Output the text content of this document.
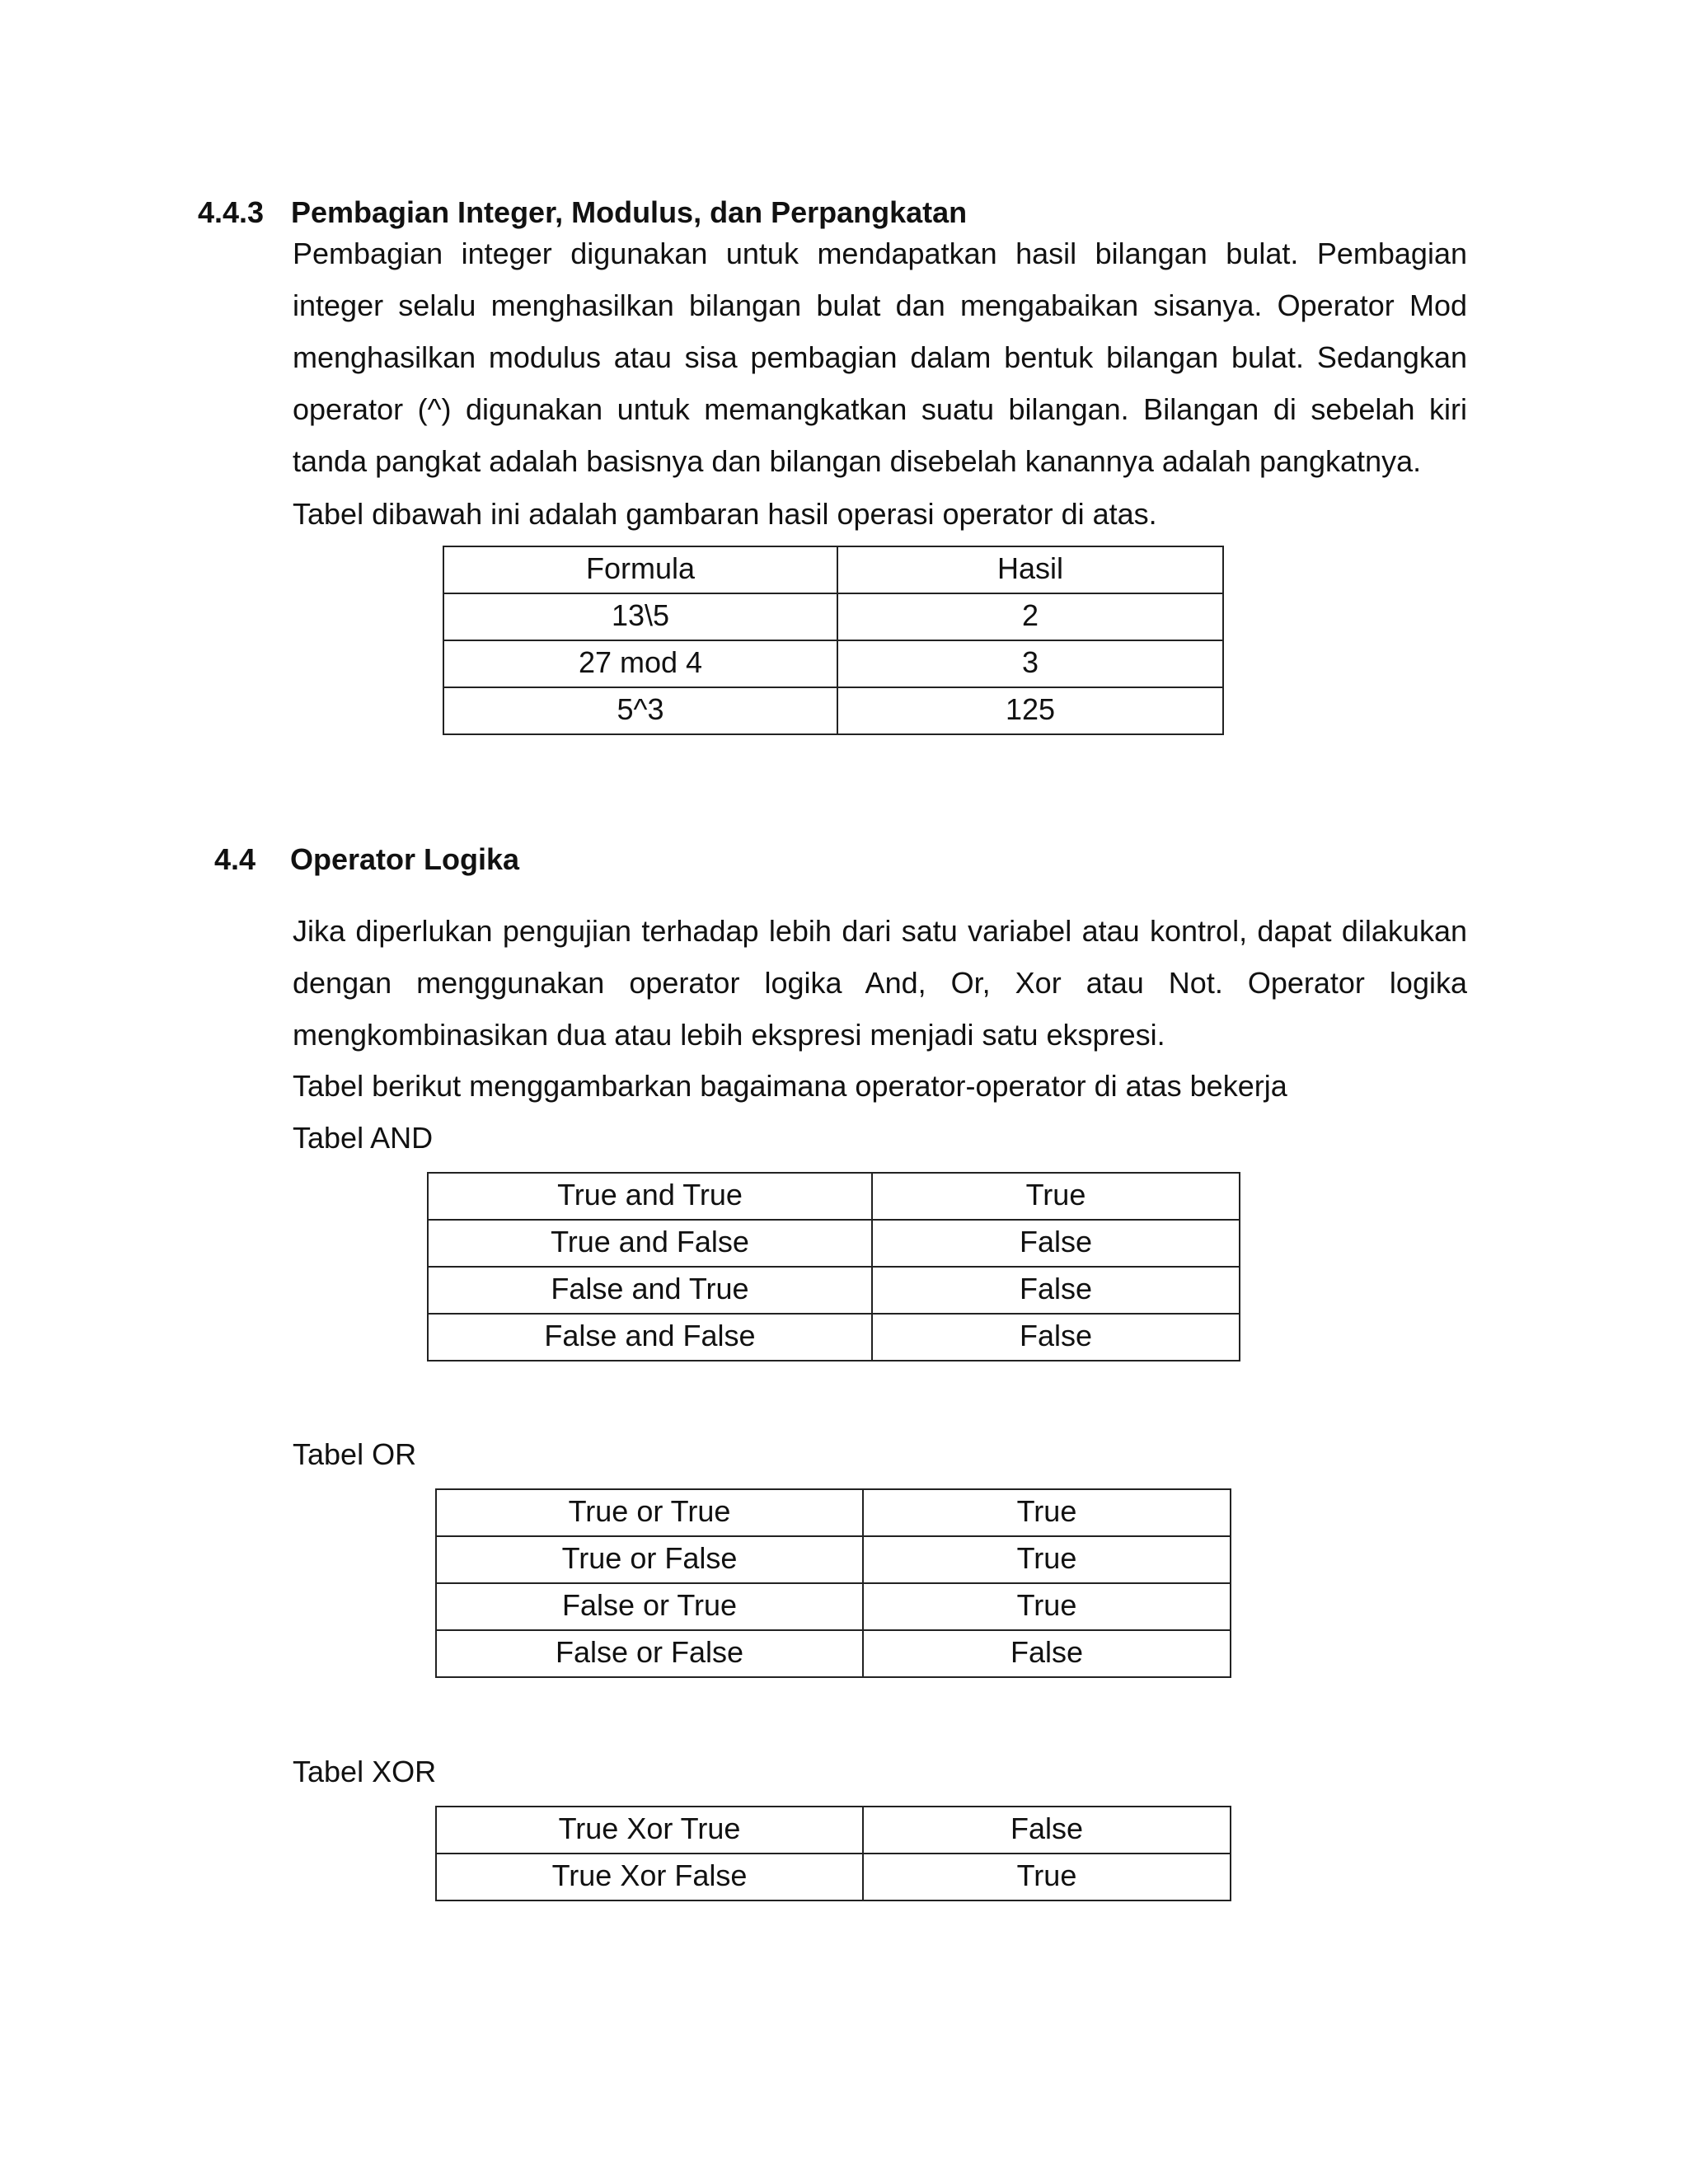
4.4.3 Pembagian Integer, Modulus, dan Perpangkatan
Pembagian integer digunakan untuk mendapatkan hasil bilangan bulat. Pembagian
integer selalu menghasilkan bilangan bulat dan mengabaikan sisanya. Operator Mod
menghasilkan modulus atau sisa pembagian dalam bentuk bilangan bulat. Sedangkan
operator (^) digunakan untuk memangkatkan suatu bilangan. Bilangan di sebelah kiri
tanda pangkat adalah basisnya dan bilangan disebelah kanannya adalah pangkatnya.
Tabel dibawah ini adalah gambaran hasil operasi operator di atas.
Formula	Hasil
13\5	2
27 mod 4	3
5^3	125
4.4 Operator Logika
Jika diperlukan pengujian terhadap lebih dari satu variabel atau kontrol, dapat dilakukan
dengan menggunakan operator logika And, Or, Xor atau Not. Operator logika
mengkombinasikan dua atau lebih ekspresi menjadi satu ekspresi.
Tabel berikut menggambarkan bagaimana operator-operator di atas bekerja
Tabel AND
True and True	True
True and False	False
False and True	False
False and False	False
Tabel OR
True or True	True
True or False	True
False or True	True
False or False	False
Tabel XOR
True Xor True	False
True Xor False	True
